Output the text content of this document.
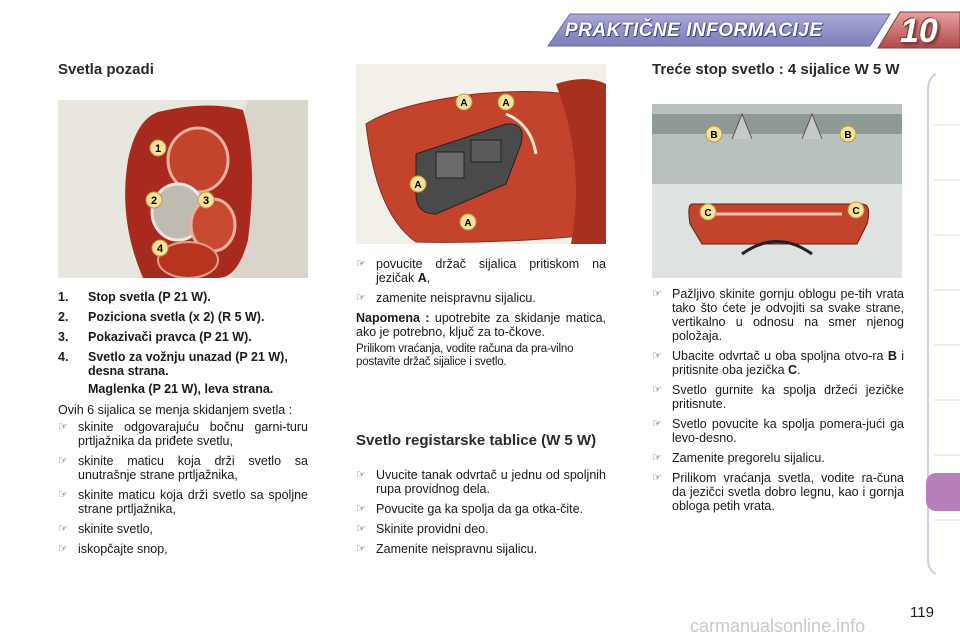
PRAKTIČNE INFORMACIJE 10
Svetla pozadi
1
2	3
4
1. Stop svetla (P 21 W).
2. Poziciona svetla (x 2) (R 5 W).
3. Pokazivači pravca (P 21 W).
4. Svetlo za vožnju unazad (P 21 W), desna strana.
Maglenka (P 21 W), leva strana.

Ovih 6 sijalica se menja skidanjem svetla :

☞ skinite odgovarajuću bočnu garni-turu prtljažnika da priđete svetlu,
☞ skinite maticu koja drži svetlo sa unutrašnje strane prtljažnika,
☞ skinite maticu koja drži svetlo sa spoljne strane prtljažnika,
☞ skinite svetlo,
☞ iskopčajte snop,
A	A
A
A
☞ povucite držač sijalica pritiskom na jezičak A,
☞ zamenite neispravnu sijalicu.

Napomena : upotrebite za skidanje matica, ako je potrebno, ključ za to-čkove.

Prilikom vraćanja, vodite računa da pra-vilno postavite držač sijalice i svetlo.

Svetlo registarske tablice (W 5 W)
☞ Uvucite tanak odvrtač u jednu od spoljnih rupa providnog dela.
☞ Povucite ga ka spolja da ga otka-čite.
☞ Skinite providni deo.
☞ Zamenite neispravnu sijalicu.
Treće stop svetlo : 4 sijalice W 5 W
B	B
C	C
☞ Pažljivo skinite gornju oblogu pe-tih vrata tako što ćete je odvojiti sa svake strane, vertikalno u odnosu na smer njenog položaja.
☞ Ubacite odvrtač u oba spoljna otvo-ra B i pritisnite oba jezička C.
☞ Svetlo gurnite ka spolja držeći jezičke pritisnute.
☞ Svetlo povucite ka spolja pomera-jući ga levo-desno.
☞ Zamenite pregorelu sijalicu.
☞ Prilikom vraćanja svetla, vodite ra-čuna da jezičci svetla dobro legnu, kao i gornja obloga petih vrata.
119
carmanualsonline.info
